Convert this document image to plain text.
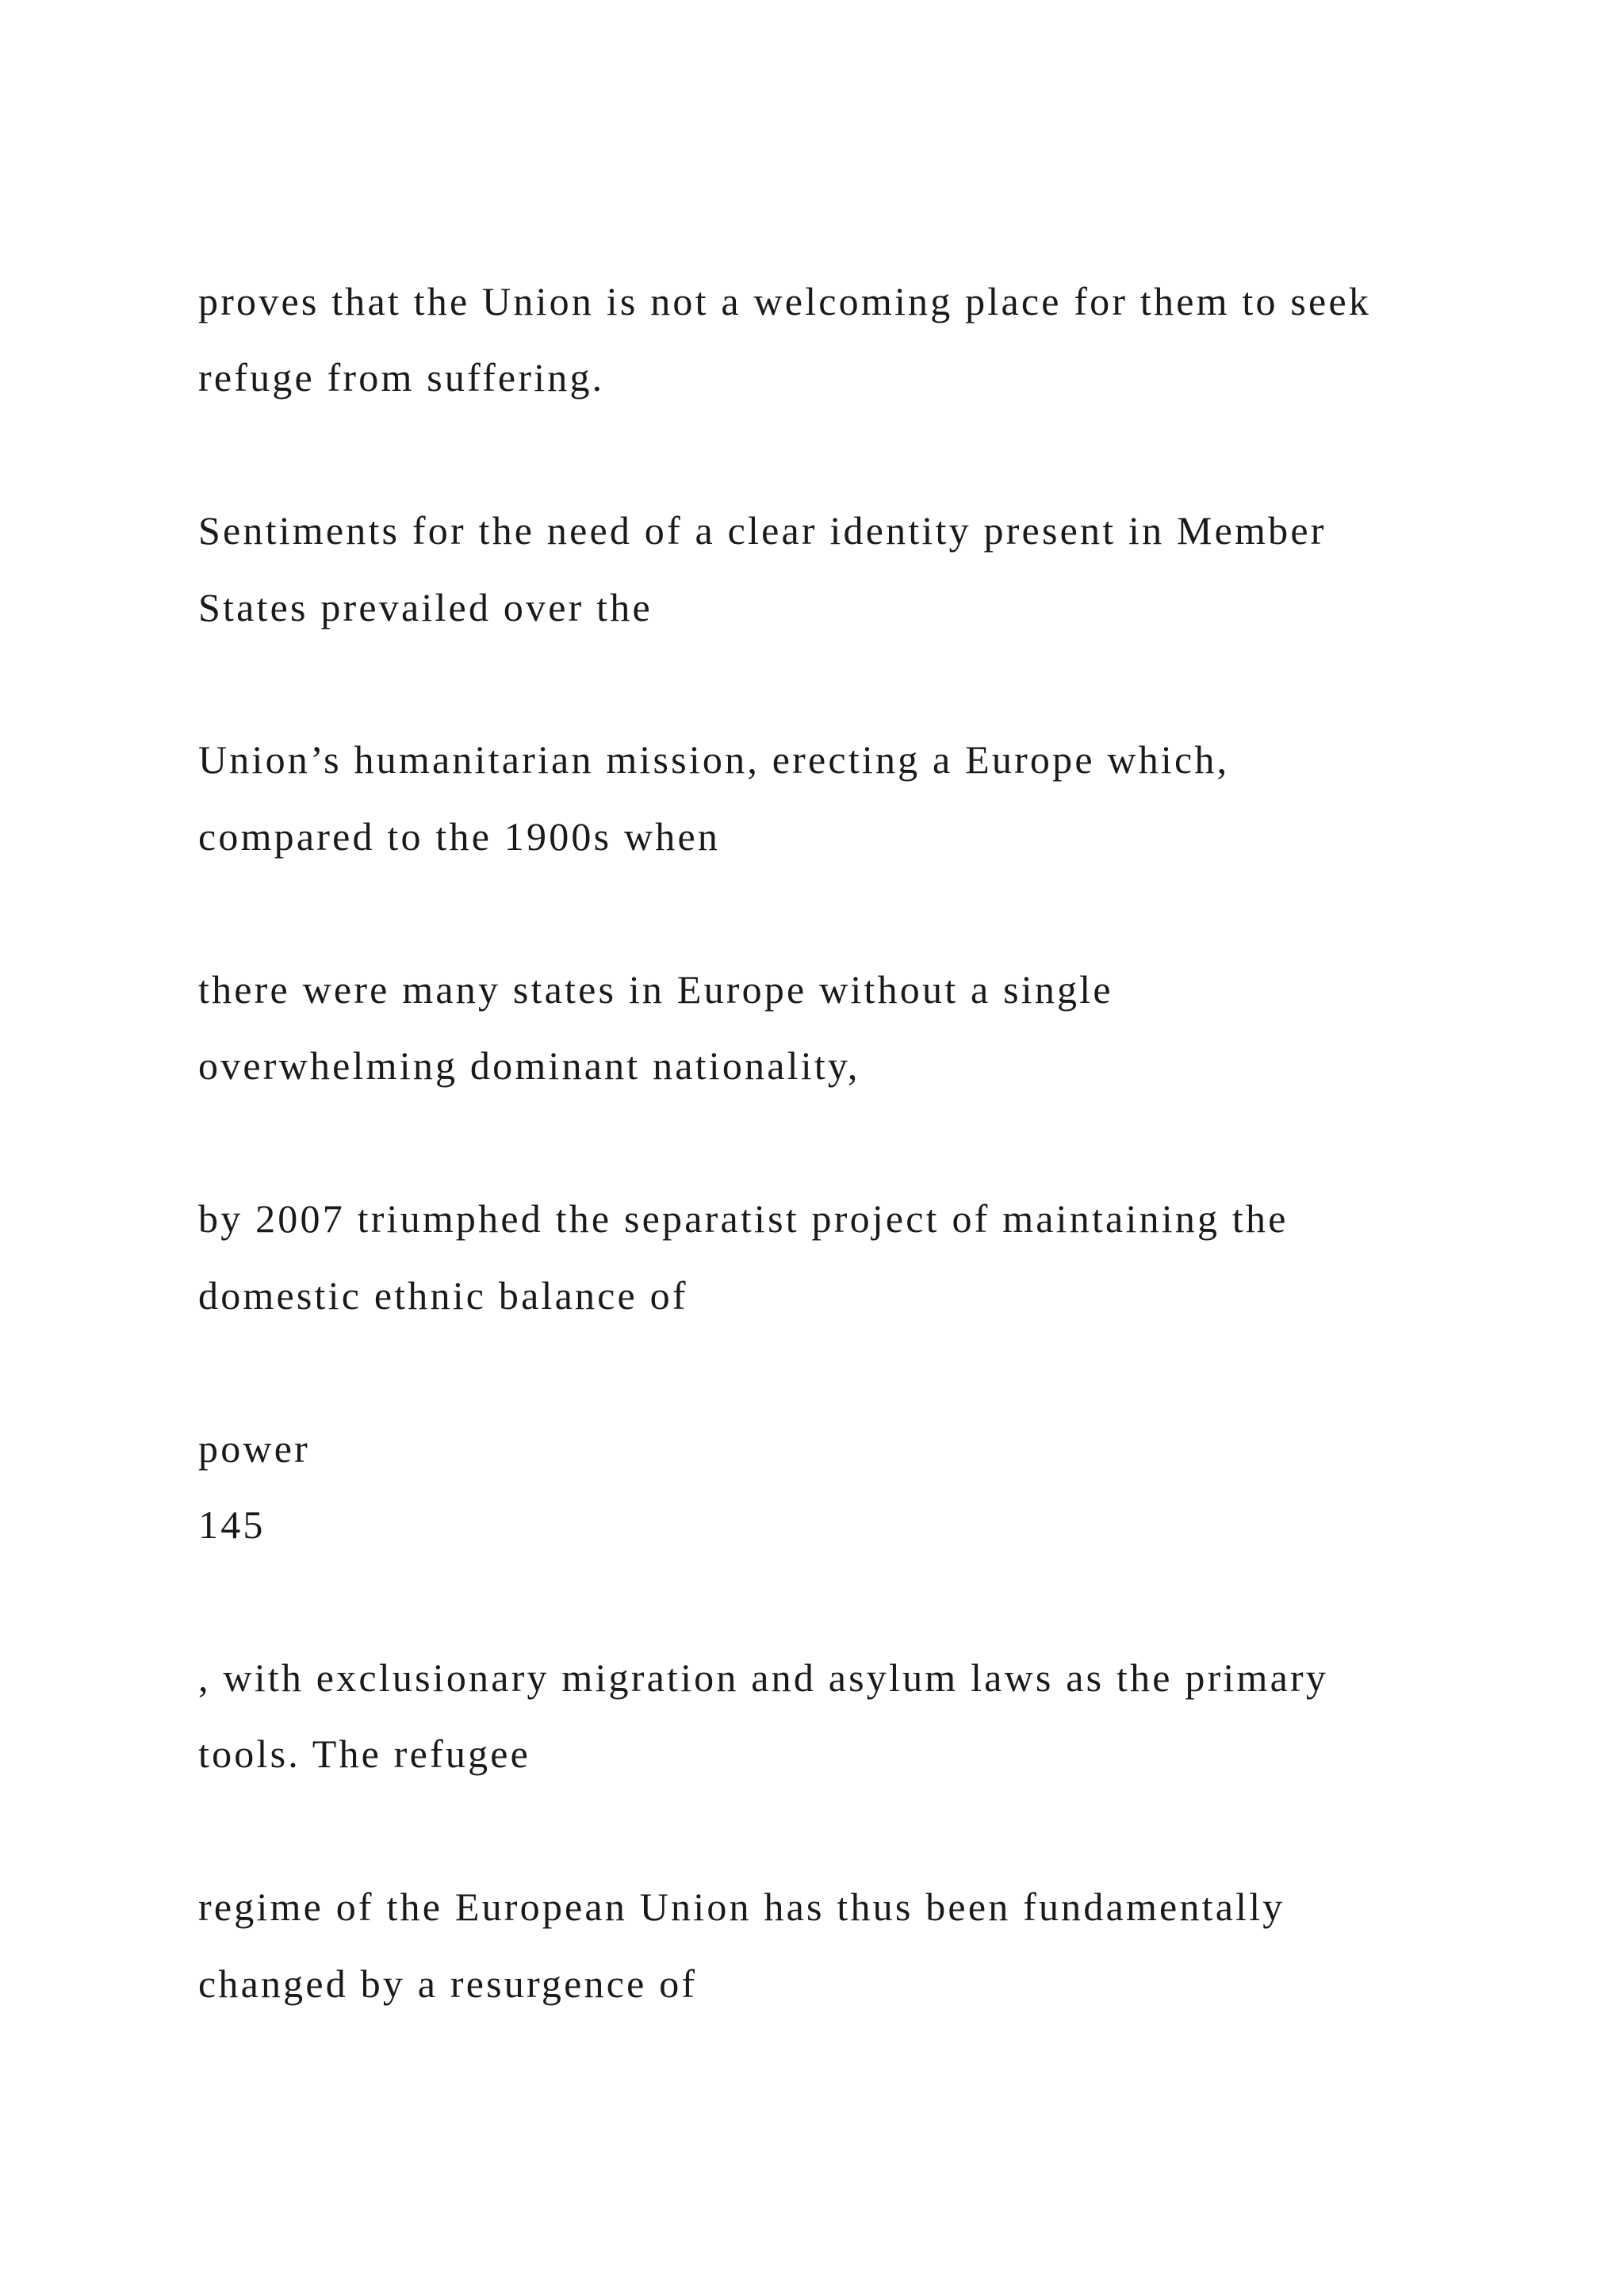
proves that the Union is not a welcoming place for them to seek

refuge from suffering.

Sentiments for the need of a clear identity present in Member

States prevailed over the

Union’s humanitarian mission, erecting a Europe which,

compared to the 1900s when

there were many states in Europe without a single

overwhelming dominant nationality,

by 2007 triumphed the separatist project of maintaining the

domestic ethnic balance of

power

145

, with exclusionary migration and asylum laws as the primary

tools. The refugee

regime of the European Union has thus been fundamentally

changed by a resurgence of
